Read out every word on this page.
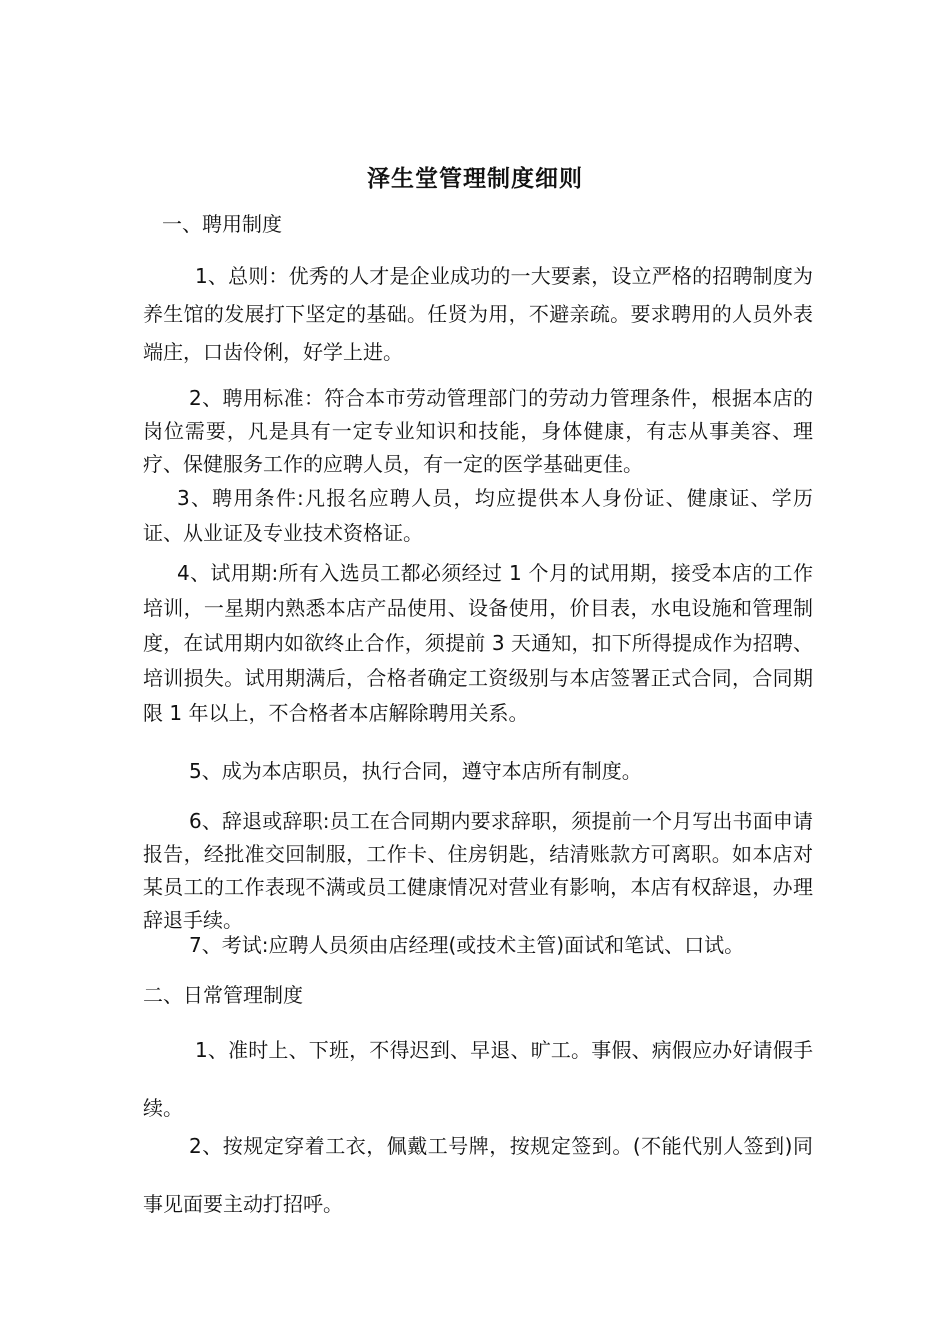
泽生堂管理制度细则
一、聘用制度

1、总则：优秀的人才是企业成功的一大要素，设立严格的招聘制度为养生馆的发展打下坚定的基础。任贤为用，不避亲疏。要求聘用的人员外表端庄，口齿伶俐，好学上进。

2、聘用标准：符合本市劳动管理部门的劳动力管理条件，根据本店的岗位需要，凡是具有一定专业知识和技能，身体健康，有志从事美容、理疗、保健服务工作的应聘人员，有一定的医学基础更佳。

3、聘用条件:凡报名应聘人员，均应提供本人身份证、健康证、学历证、从业证及专业技术资格证。

4、试用期:所有入选员工都必须经过 1 个月的试用期，接受本店的工作培训，一星期内熟悉本店产品使用、设备使用，价目表，水电设施和管理制度，在试用期内如欲终止合作，须提前 3 天通知，扣下所得提成作为招聘、培训损失。试用期满后，合格者确定工资级别与本店签署正式合同，合同期限 1 年以上，不合格者本店解除聘用关系。

5、成为本店职员，执行合同，遵守本店所有制度。

6、辞退或辞职:员工在合同期内要求辞职，须提前一个月写出书面申请报告，经批准交回制服，工作卡、住房钥匙，结清账款方可离职。如本店对某员工的工作表现不满或员工健康情况对营业有影响，本店有权辞退，办理辞退手续。

7、考试:应聘人员须由店经理(或技术主管)面试和笔试、口试。

二、日常管理制度

1、准时上、下班，不得迟到、早退、旷工。事假、病假应办好请假手续。

2、按规定穿着工衣，佩戴工号牌，按规定签到。(不能代别人签到)同事见面要主动打招呼。
